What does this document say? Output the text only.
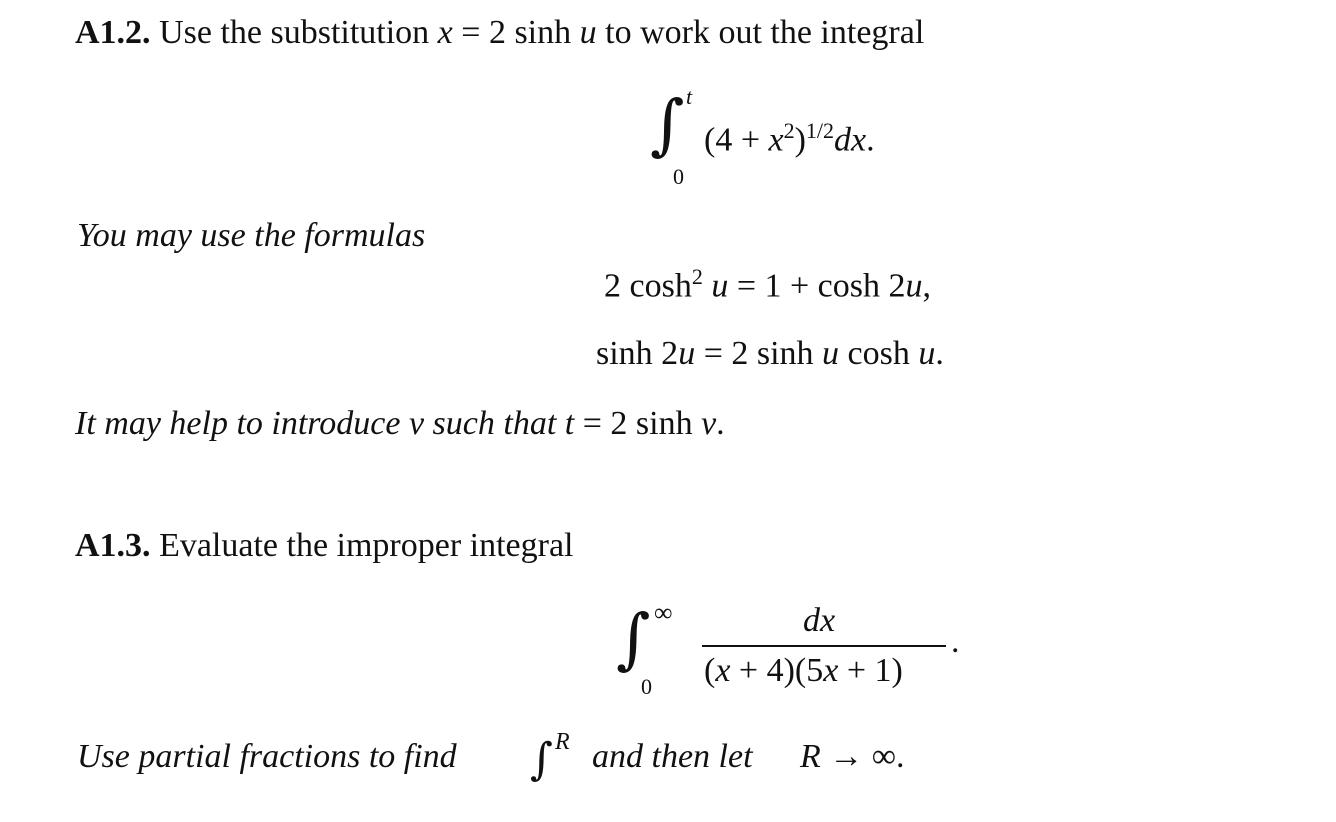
A1.2. Use the substitution x = 2 sinh u to work out the integral
∫ t
0
$(4 + x^2)^{1/2}dx$.
You may use the formulas
2 $\cosh^2 u = 1 + \cosh 2u$,
sinh 2u = 2 sinh u cosh u.
It may help to introduce v such that t = 2 sinh v.
A1.3. Evaluate the improper integral
∫ ∞
0
dx
(x + 4)(5x + 1)
.
Use partial fractions to find ∫ R and then let R → ∞.
